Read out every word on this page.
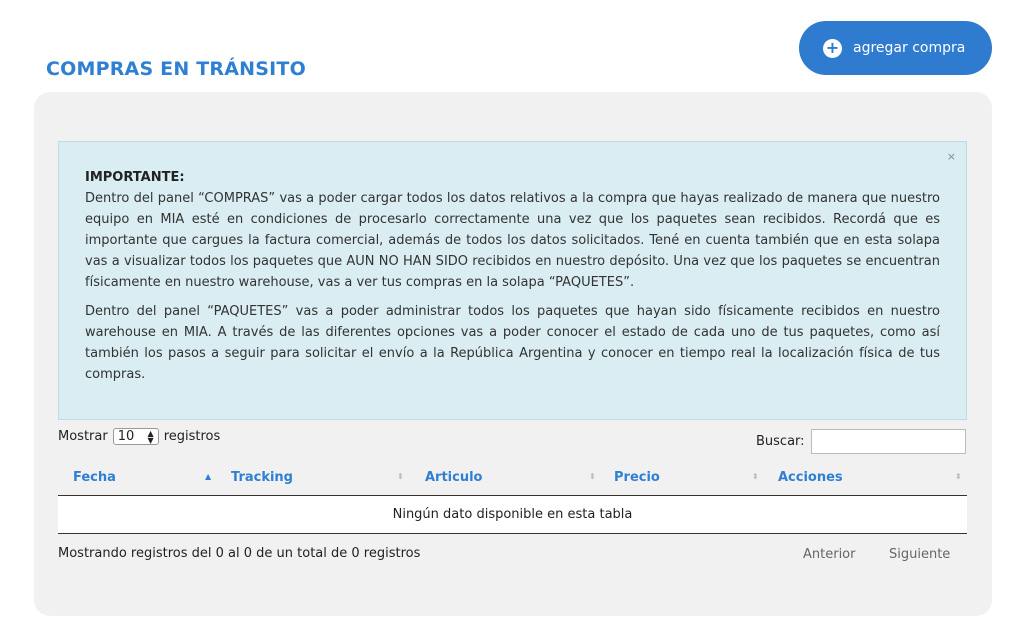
COMPRAS EN TRÁNSITO
+ agregar compra
×
IMPORTANTE:

Dentro del panel “COMPRAS” vas a poder cargar todos los datos relativos a la compra que hayas realizado de manera que nuestro equipo en MIA esté en condiciones de procesarlo correctamente una vez que los paquetes sean recibidos. Recordá que es importante que cargues la factura comercial, además de todos los datos solicitados. Tené en cuenta también que en esta solapa vas a visualizar todos los paquetes que AUN NO HAN SIDO recibidos en nuestro depósito. Una vez que los paquetes se encuentran físicamente en nuestro warehouse, vas a ver tus compras en la solapa “PAQUETES”.

Dentro del panel “PAQUETES” vas a poder administrar todos los paquetes que hayan sido físicamente recibidos en nuestro warehouse en MIA. A través de las diferentes opciones vas a poder conocer el estado de cada uno de tus paquetes, como así también los pasos a seguir para solicitar el envío a la República Argentina y conocer en tiempo real la localización física de tus compras.

Mostrar 10 ▲
▼ registros	Buscar:
Fecha	▲ Tracking	⬍ Articulo	⬍ Precio	⬍ Acciones	⬍
Ningún dato disponible en esta tabla
Mostrando registros del 0 al 0 de un total de 0 registros	Anterior	Siguiente
